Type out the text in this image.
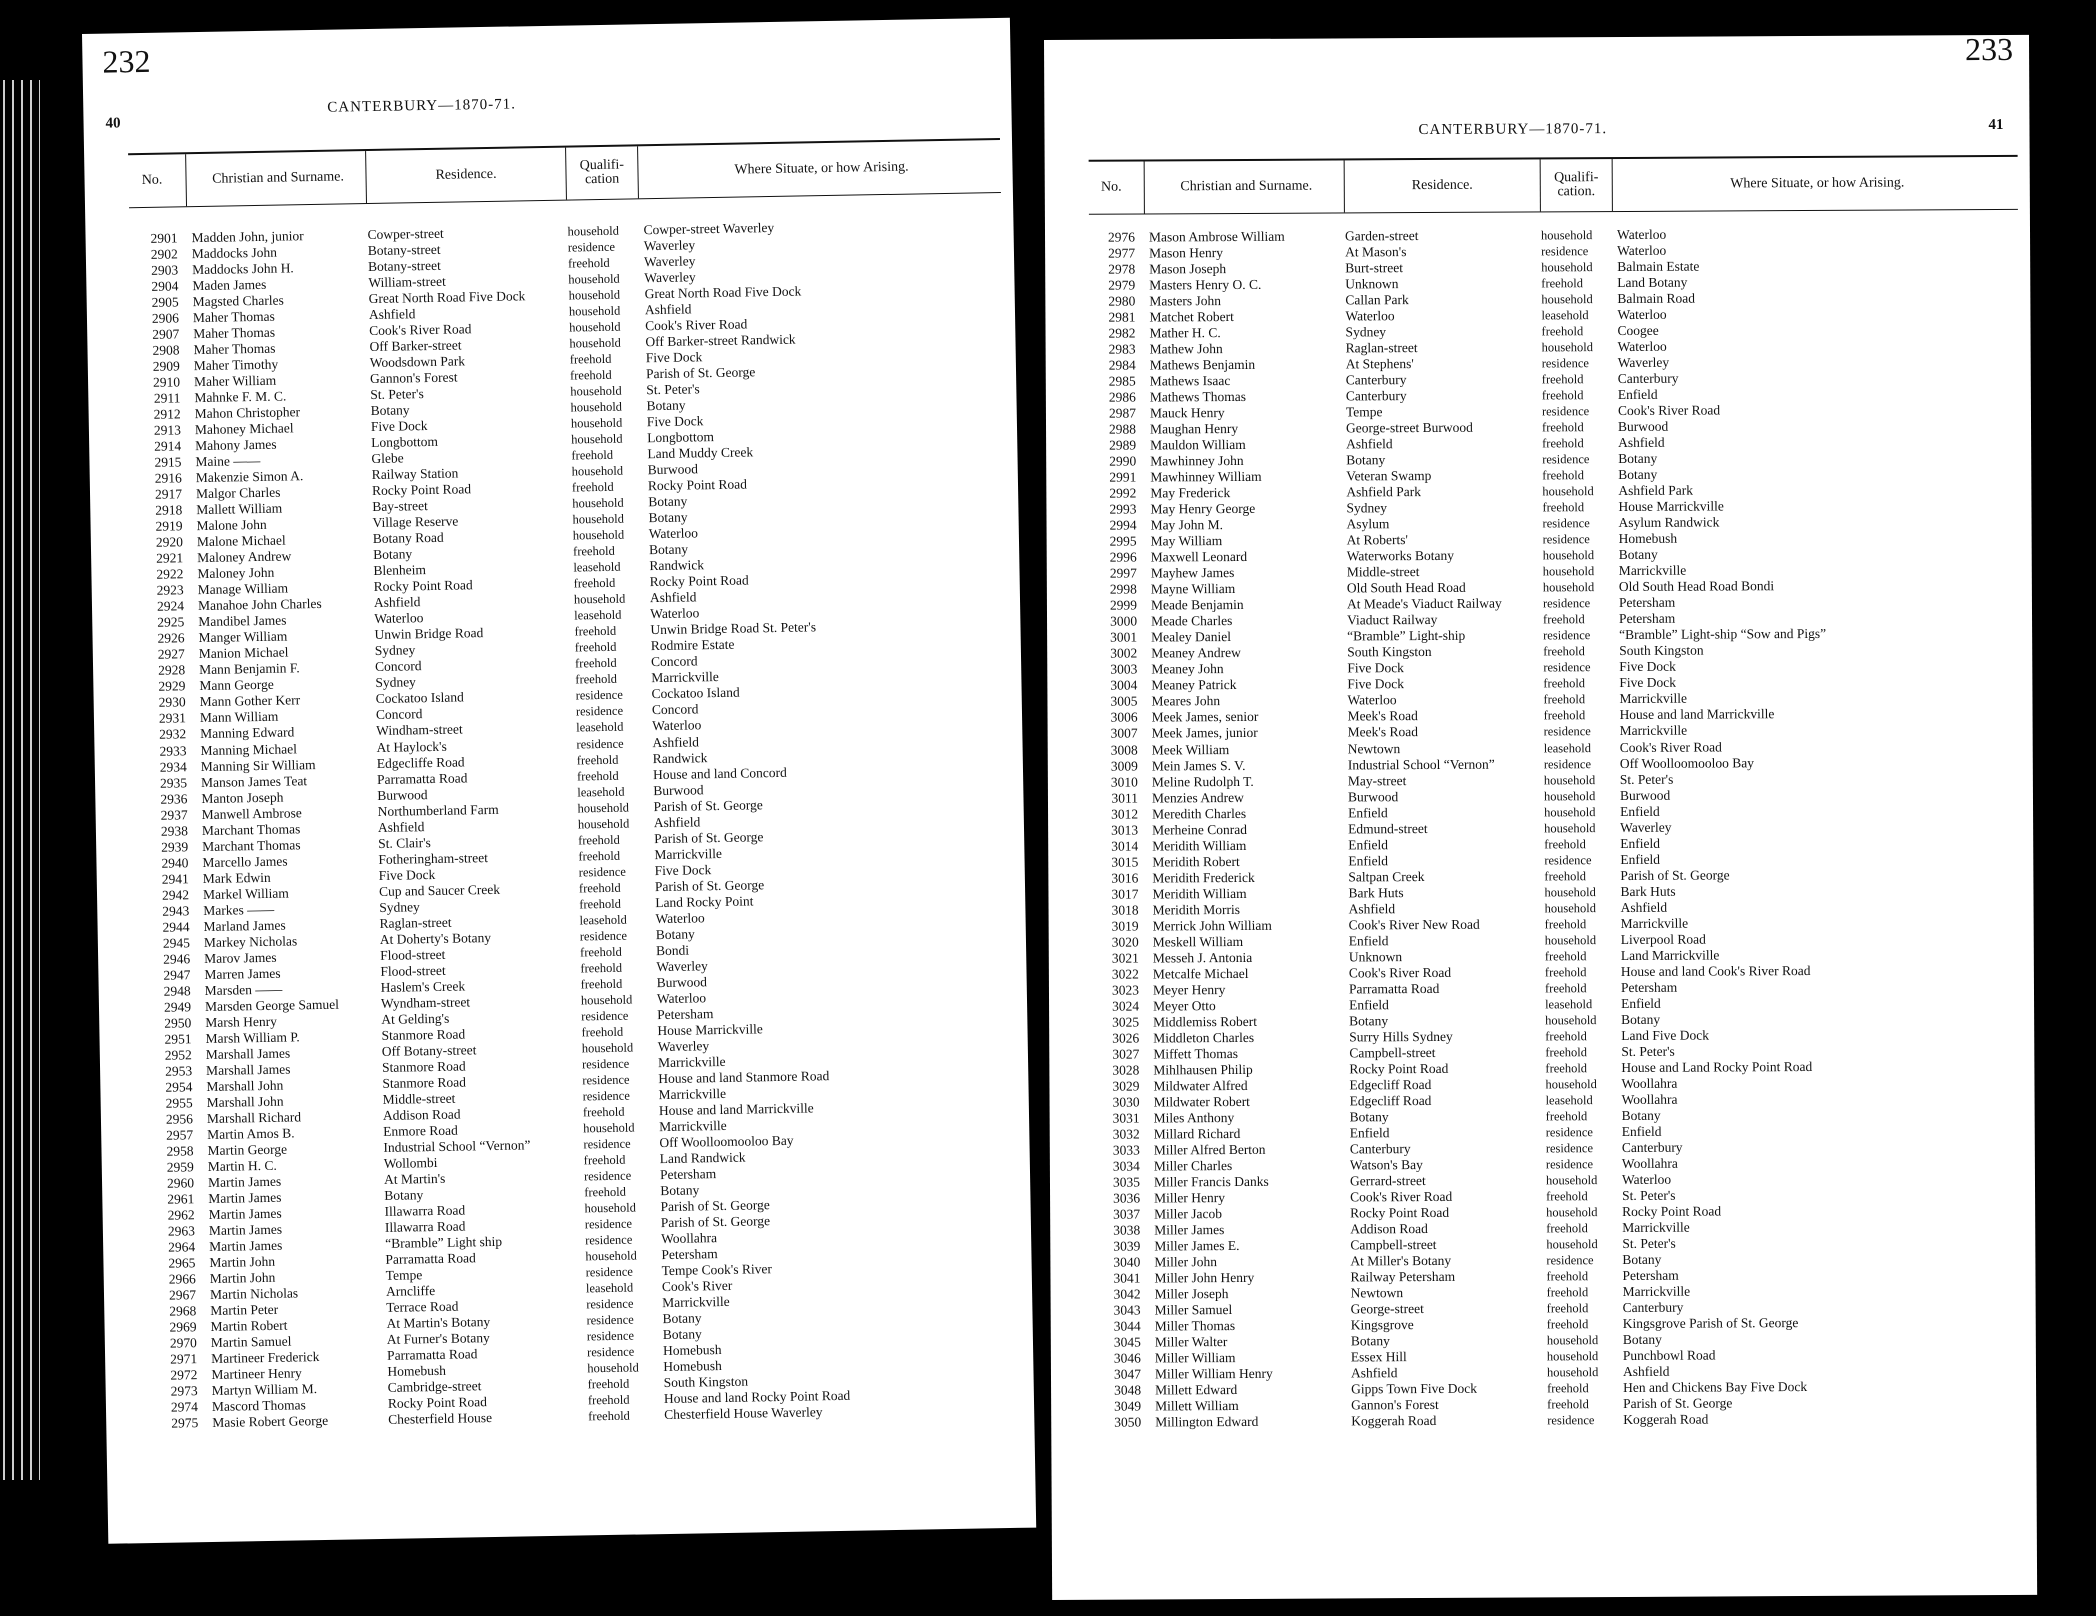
232
40
CANTERBURY—1870-71.
No.	Christian and Surname.	Residence.
Qualifi-cation
Where Situate, or how Arising.
2901	Madden John, junior	Cowper-street	household	Cowper-street Waverley
2902	Maddocks John	Botany-street	residence	Waverley
2903	Maddocks John H.	Botany-street	freehold	Waverley
2904	Maden James	William-street	household	Waverley
2905	Magsted Charles	Great North Road Five Dock	household	Great North Road Five Dock
2906	Maher Thomas	Ashfield	household	Ashfield
2907	Maher Thomas	Cook's River Road	household	Cook's River Road
2908	Maher Thomas	Off Barker-street	household	Off Barker-street Randwick
2909	Maher Timothy	Woodsdown Park	freehold	Five Dock
2910	Maher William	Gannon's Forest	freehold	Parish of St. George
2911	Mahnke F. M. C.	St. Peter's	household	St. Peter's
2912	Mahon Christopher	Botany	household	Botany
2913	Mahoney Michael	Five Dock	household	Five Dock
2914	Mahony James	Longbottom	household	Longbottom
2915	Maine ——	Glebe	freehold	Land Muddy Creek
2916	Makenzie Simon A.	Railway Station	household	Burwood
2917	Malgor Charles	Rocky Point Road	freehold	Rocky Point Road
2918	Mallett William	Bay-street	household	Botany
2919	Malone John	Village Reserve	household	Botany
2920	Malone Michael	Botany Road	household	Waterloo
2921	Maloney Andrew	Botany	freehold	Botany
2922	Maloney John	Blenheim	leasehold	Randwick
2923	Manage William	Rocky Point Road	freehold	Rocky Point Road
2924	Manahoe John Charles	Ashfield	household	Ashfield
2925	Mandibel James	Waterloo	leasehold	Waterloo
2926	Manger William	Unwin Bridge Road	freehold	Unwin Bridge Road St. Peter's
2927	Manion Michael	Sydney	freehold	Rodmire Estate
2928	Mann Benjamin F.	Concord	freehold	Concord
2929	Mann George	Sydney	freehold	Marrickville
2930	Mann Gother Kerr	Cockatoo Island	residence	Cockatoo Island
2931	Mann William	Concord	residence	Concord
2932	Manning Edward	Windham-street	leasehold	Waterloo
2933	Manning Michael	At Haylock's	residence	Ashfield
2934	Manning Sir William	Edgecliffe Road	freehold	Randwick
2935	Manson James Teat	Parramatta Road	freehold	House and land Concord
2936	Manton Joseph	Burwood	leasehold	Burwood
2937	Manwell Ambrose	Northumberland Farm	household	Parish of St. George
2938	Marchant Thomas	Ashfield	household	Ashfield
2939	Marchant Thomas	St. Clair's	freehold	Parish of St. George
2940	Marcello James	Fotheringham-street	freehold	Marrickville
2941	Mark Edwin	Five Dock	residence	Five Dock
2942	Markel William	Cup and Saucer Creek	freehold	Parish of St. George
2943	Markes ——	Sydney	freehold	Land Rocky Point
2944	Marland James	Raglan-street	leasehold	Waterloo
2945	Markey Nicholas	At Doherty's Botany	residence	Botany
2946	Marov James	Flood-street	freehold	Bondi
2947	Marren James	Flood-street	freehold	Waverley
2948	Marsden ——	Haslem's Creek	freehold	Burwood
2949	Marsden George Samuel	Wyndham-street	household	Waterloo
2950	Marsh Henry	At Gelding's	residence	Petersham
2951	Marsh William P.	Stanmore Road	freehold	House Marrickville
2952	Marshall James	Off Botany-street	household	Waverley
2953	Marshall James	Stanmore Road	residence	Marrickville
2954	Marshall John	Stanmore Road	residence	House and land Stanmore Road
2955	Marshall John	Middle-street	residence	Marrickville
2956	Marshall Richard	Addison Road	freehold	House and land Marrickville
2957	Martin Amos B.	Enmore Road	household	Marrickville
2958	Martin George	Industrial School “Vernon”	residence	Off Woolloomooloo Bay
2959	Martin H. C.	Wollombi	freehold	Land Randwick
2960	Martin James	At Martin's	residence	Petersham
2961	Martin James	Botany	freehold	Botany
2962	Martin James	Illawarra Road	household	Parish of St. George
2963	Martin James	Illawarra Road	residence	Parish of St. George
2964	Martin James	“Bramble” Light ship	residence	Woollahra
2965	Martin John	Parramatta Road	household	Petersham
2966	Martin John	Tempe	residence	Tempe Cook's River
2967	Martin Nicholas	Arncliffe	leasehold	Cook's River
2968	Martin Peter	Terrace Road	residence	Marrickville
2969	Martin Robert	At Martin's Botany	residence	Botany
2970	Martin Samuel	At Furner's Botany	residence	Botany
2971	Martineer Frederick	Parramatta Road	residence	Homebush
2972	Martineer Henry	Homebush	household	Homebush
2973	Martyn William M.	Cambridge-street	freehold	South Kingston
2974	Mascord Thomas	Rocky Point Road	freehold	House and land Rocky Point Road
2975	Masie Robert George	Chesterfield House	freehold	Chesterfield House Waverley
233
41
CANTERBURY—1870-71.
No.	Christian and Surname.	Residence.
Qualifi-cation.
Where Situate, or how Arising.
2976	Mason Ambrose William	Garden-street	household	Waterloo
2977	Mason Henry	At Mason's	residence	Waterloo
2978	Mason Joseph	Burt-street	household	Balmain Estate
2979	Masters Henry O. C.	Unknown	freehold	Land Botany
2980	Masters John	Callan Park	household	Balmain Road
2981	Matchet Robert	Waterloo	leasehold	Waterloo
2982	Mather H. C.	Sydney	freehold	Coogee
2983	Mathew John	Raglan-street	household	Waterloo
2984	Mathews Benjamin	At Stephens'	residence	Waverley
2985	Mathews Isaac	Canterbury	freehold	Canterbury
2986	Mathews Thomas	Canterbury	freehold	Enfield
2987	Mauck Henry	Tempe	residence	Cook's River Road
2988	Maughan Henry	George-street Burwood	freehold	Burwood
2989	Mauldon William	Ashfield	freehold	Ashfield
2990	Mawhinney John	Botany	residence	Botany
2991	Mawhinney William	Veteran Swamp	freehold	Botany
2992	May Frederick	Ashfield Park	household	Ashfield Park
2993	May Henry George	Sydney	freehold	House Marrickville
2994	May John M.	Asylum	residence	Asylum Randwick
2995	May William	At Roberts'	residence	Homebush
2996	Maxwell Leonard	Waterworks Botany	household	Botany
2997	Mayhew James	Middle-street	household	Marrickville
2998	Mayne William	Old South Head Road	household	Old South Head Road Bondi
2999	Meade Benjamin	At Meade's Viaduct Railway	residence	Petersham
3000	Meade Charles	Viaduct Railway	freehold	Petersham
3001	Mealey Daniel	“Bramble” Light-ship	residence	“Bramble” Light-ship “Sow and Pigs”
3002	Meaney Andrew	South Kingston	freehold	South Kingston
3003	Meaney John	Five Dock	residence	Five Dock
3004	Meaney Patrick	Five Dock	freehold	Five Dock
3005	Meares John	Waterloo	freehold	Marrickville
3006	Meek James, senior	Meek's Road	freehold	House and land Marrickville
3007	Meek James, junior	Meek's Road	residence	Marrickville
3008	Meek William	Newtown	leasehold	Cook's River Road
3009	Mein James S. V.	Industrial School “Vernon”	residence	Off Woolloomooloo Bay
3010	Meline Rudolph T.	May-street	household	St. Peter's
3011	Menzies Andrew	Burwood	household	Burwood
3012	Meredith Charles	Enfield	household	Enfield
3013	Merheine Conrad	Edmund-street	household	Waverley
3014	Meridith William	Enfield	freehold	Enfield
3015	Meridith Robert	Enfield	residence	Enfield
3016	Meridith Frederick	Saltpan Creek	freehold	Parish of St. George
3017	Meridith William	Bark Huts	household	Bark Huts
3018	Meridith Morris	Ashfield	household	Ashfield
3019	Merrick John William	Cook's River New Road	freehold	Marrickville
3020	Meskell William	Enfield	household	Liverpool Road
3021	Messeh J. Antonia	Unknown	freehold	Land Marrickville
3022	Metcalfe Michael	Cook's River Road	freehold	House and land Cook's River Road
3023	Meyer Henry	Parramatta Road	freehold	Petersham
3024	Meyer Otto	Enfield	leasehold	Enfield
3025	Middlemiss Robert	Botany	household	Botany
3026	Middleton Charles	Surry Hills Sydney	freehold	Land Five Dock
3027	Miffett Thomas	Campbell-street	freehold	St. Peter's
3028	Mihlhausen Philip	Rocky Point Road	freehold	House and Land Rocky Point Road
3029	Mildwater Alfred	Edgecliff Road	household	Woollahra
3030	Mildwater Robert	Edgecliff Road	leasehold	Woollahra
3031	Miles Anthony	Botany	freehold	Botany
3032	Millard Richard	Enfield	residence	Enfield
3033	Miller Alfred Berton	Canterbury	residence	Canterbury
3034	Miller Charles	Watson's Bay	residence	Woollahra
3035	Miller Francis Danks	Gerrard-street	household	Waterloo
3036	Miller Henry	Cook's River Road	freehold	St. Peter's
3037	Miller Jacob	Rocky Point Road	household	Rocky Point Road
3038	Miller James	Addison Road	freehold	Marrickville
3039	Miller James E.	Campbell-street	household	St. Peter's
3040	Miller John	At Miller's Botany	residence	Botany
3041	Miller John Henry	Railway Petersham	freehold	Petersham
3042	Miller Joseph	Newtown	freehold	Marrickville
3043	Miller Samuel	George-street	freehold	Canterbury
3044	Miller Thomas	Kingsgrove	freehold	Kingsgrove Parish of St. George
3045	Miller Walter	Botany	household	Botany
3046	Miller William	Essex Hill	household	Punchbowl Road
3047	Miller William Henry	Ashfield	household	Ashfield
3048	Millett Edward	Gipps Town Five Dock	freehold	Hen and Chickens Bay Five Dock
3049	Millett William	Gannon's Forest	freehold	Parish of St. George
3050	Millington Edward	Koggerah Road	residence	Koggerah Road
